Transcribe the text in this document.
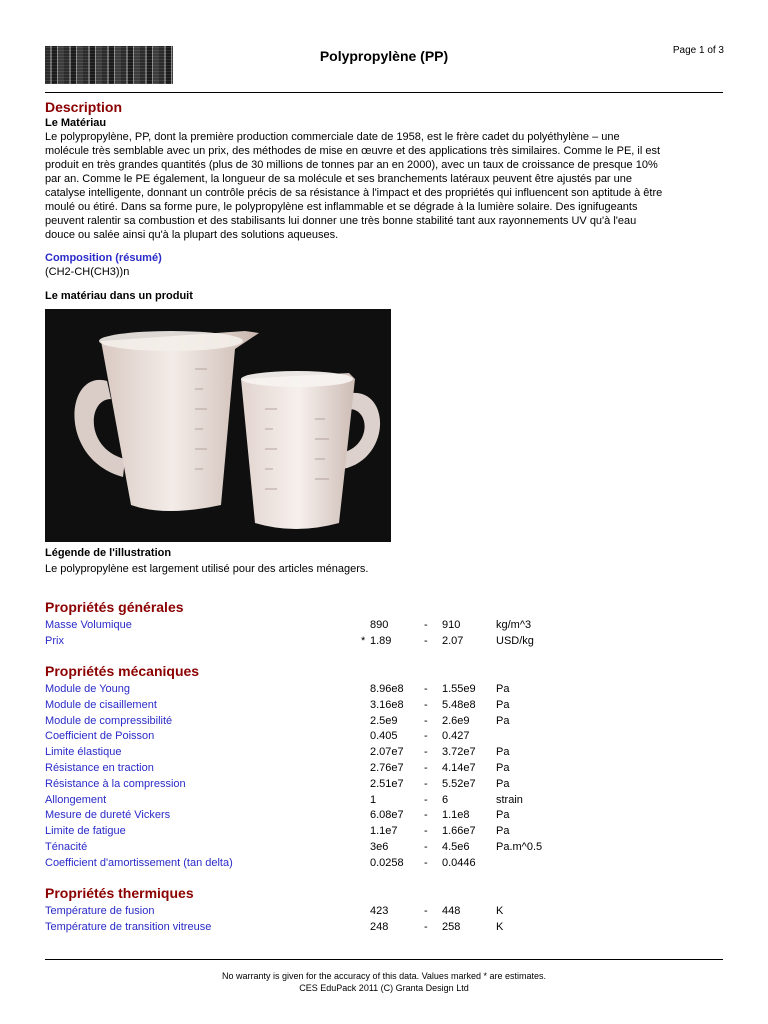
Polypropylène (PP)	Page 1 of 3
Description
Le Matériau

Le polypropylène, PP, dont la première production commerciale date de 1958, est le frère cadet du polyéthylène – une molécule très semblable avec un prix, des méthodes de mise en œuvre et des applications très similaires. Comme le PE, il est produit en très grandes quantités (plus de 30 millions de tonnes par an en 2000), avec un taux de croissance de presque 10% par an. Comme le PE également, la longueur de sa molécule et ses branchements latéraux peuvent être ajustés par une catalyse intelligente, donnant un contrôle précis de sa résistance à l'impact et des propriétés qui influencent son aptitude à être moulé ou étiré. Dans sa forme pure, le polypropylène est inflammable et se dégrade à la lumière solaire. Des ignifugeants peuvent ralentir sa combustion et des stabilisants lui donner une très bonne stabilité tant aux rayonnements UV qu'à l'eau douce ou salée ainsi qu'à la plupart des solutions aqueuses.

Composition (résumé)
(CH2-CH(CH3))n
Le matériau dans un produit
Légende de l'illustration
Le polypropylène est largement utilisé pour des articles ménagers.
Propriétés générales
Masse Volumique	890	- 910	kg/m^3
Prix	* 1.89	- 2.07	USD/kg
Propriétés mécaniques
Module de Young	8.96e8 - 1.55e9 Pa
Module de cisaillement	3.16e8 - 5.48e8 Pa
Module de compressibilité	2.5e9 - 2.6e9 Pa
Coefficient de Poisson	0.405 - 0.427
Limite élastique	2.07e7 - 3.72e7 Pa
Résistance en traction	2.76e7 - 4.14e7 Pa
Résistance à la compression	2.51e7 - 5.52e7 Pa
Allongement	1	- 6	strain
Mesure de dureté Vickers	6.08e7 - 1.1e8 Pa
Limite de fatigue	1.1e7 - 1.66e7 Pa
Ténacité	3e6	- 4.5e6 Pa.m^0.5
Coefficient d'amortissement (tan delta)	0.0258 - 0.0446
Propriétés thermiques
Température de fusion	423	- 448	K
Température de transition vitreuse	248	- 258	K
No warranty is given for the accuracy of this data. Values marked * are estimates.
CES EduPack 2011 (C) Granta Design Ltd
